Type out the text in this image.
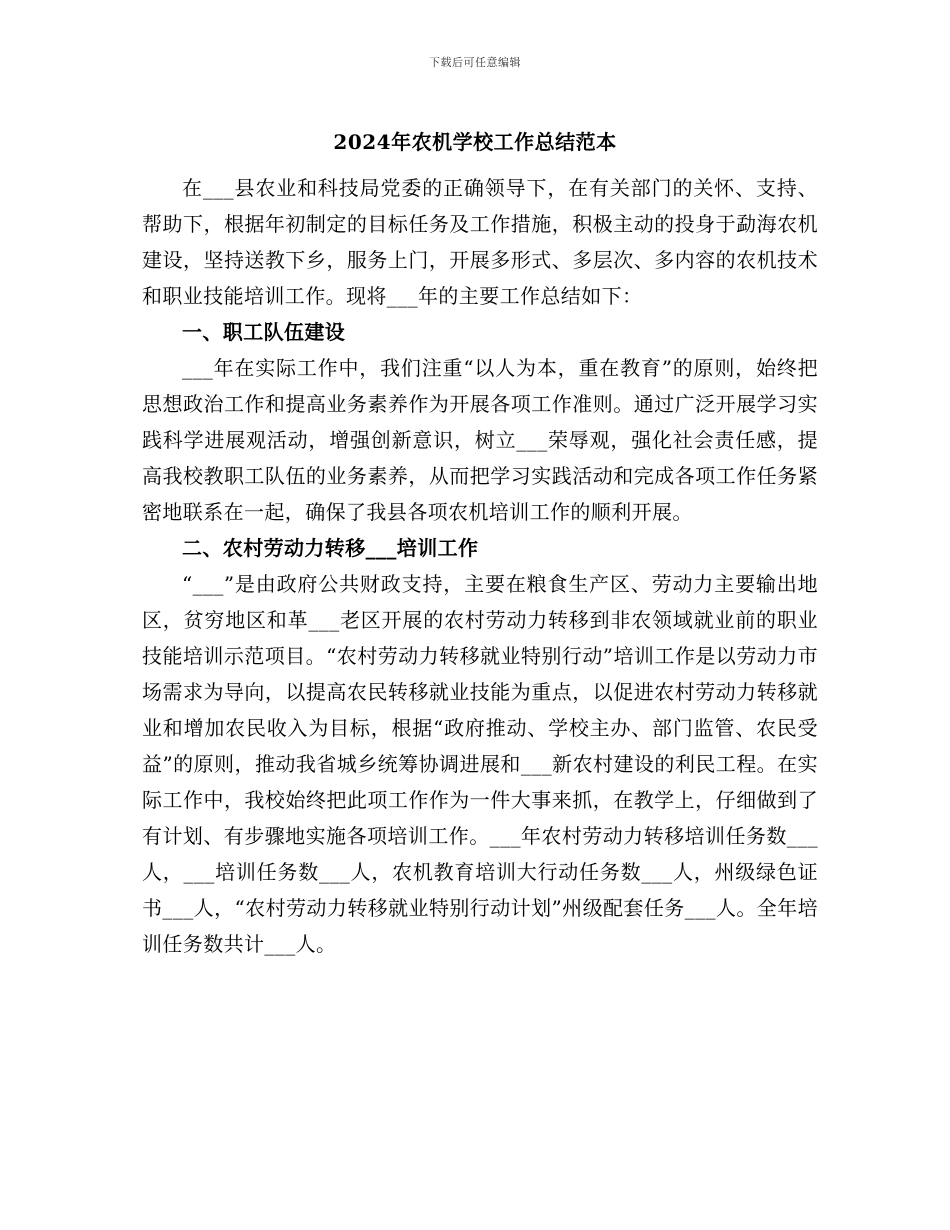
下载后可任意编辑
2024年农机学校工作总结范本

在___县农业和科技局党委的正确领导下，在有关部门的关怀、支持、帮助下，根据年初制定的目标任务及工作措施，积极主动的投身于勐海农机建设，坚持送教下乡，服务上门，开展多形式、多层次、多内容的农机技术和职业技能培训工作。现将___年的主要工作总结如下：

一、职工队伍建设

___年在实际工作中，我们注重“以人为本，重在教育”的原则，始终把思想政治工作和提高业务素养作为开展各项工作准则。通过广泛开展学习实践科学进展观活动，增强创新意识，树立___荣辱观，强化社会责任感，提高我校教职工队伍的业务素养，从而把学习实践活动和完成各项工作任务紧密地联系在一起，确保了我县各项农机培训工作的顺利开展。

二、农村劳动力转移___培训工作

“___”是由政府公共财政支持，主要在粮食生产区、劳动力主要输出地区，贫穷地区和革___老区开展的农村劳动力转移到非农领域就业前的职业技能培训示范项目。“农村劳动力转移就业特别行动”培训工作是以劳动力市场需求为导向，以提高农民转移就业技能为重点，以促进农村劳动力转移就业和增加农民收入为目标，根据“政府推动、学校主办、部门监管、农民受益”的原则，推动我省城乡统筹协调进展和___新农村建设的利民工程。在实际工作中，我校始终把此项工作作为一件大事来抓，在教学上，仔细做到了有计划、有步骤地实施各项培训工作。___年农村劳动力转移培训任务数___人，___培训任务数___人，农机教育培训大行动任务数___人，州级绿色证书___人，“农村劳动力转移就业特别行动计划”州级配套任务___人。全年培训任务数共计___人。
